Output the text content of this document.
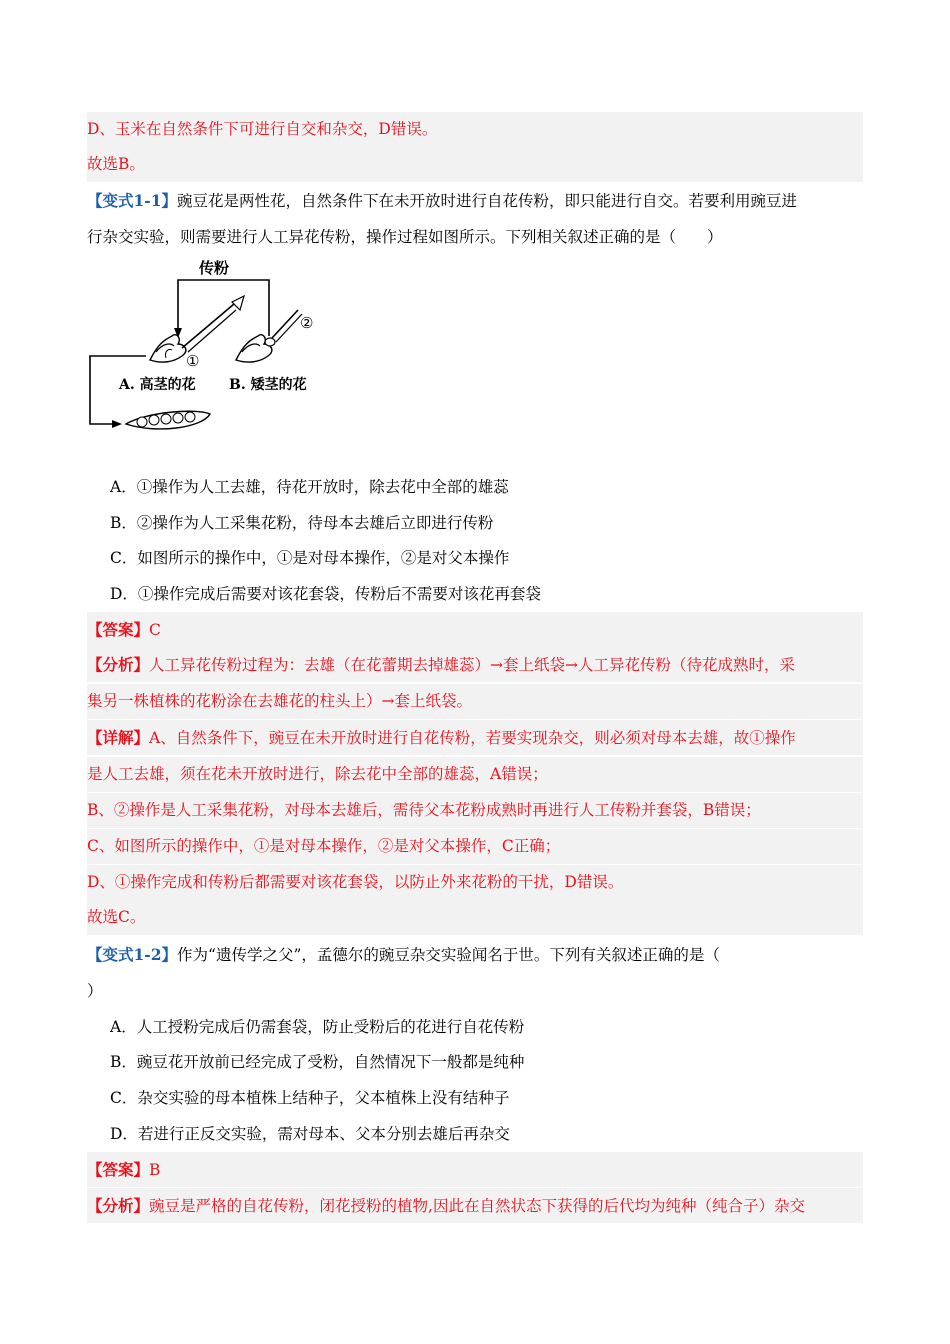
D、玉米在自然条件下可进行自交和杂交，D错误。
故选B。
【变式1-1】豌豆花是两性花，自然条件下在未开放时进行自花传粉，即只能进行自交。若要利用豌豆进
行杂交实验，则需要进行人工异花传粉，操作过程如图所示。下列相关叙述正确的是（　　）
传粉
①
②
A. 高茎的花 B. 矮茎的花
A．①操作为人工去雄，待花开放时，除去花中全部的雄蕊
B．②操作为人工采集花粉，待母本去雄后立即进行传粉
C．如图所示的操作中，①是对母本操作，②是对父本操作
D．①操作完成后需要对该花套袋，传粉后不需要对该花再套袋
【答案】C
【分析】人工异花传粉过程为：去雄（在花蕾期去掉雄蕊）→套上纸袋→人工异花传粉（待花成熟时，采
集另一株植株的花粉涂在去雄花的柱头上）→套上纸袋。
【详解】A、自然条件下，豌豆在未开放时进行自花传粉，若要实现杂交，则必须对母本去雄，故①操作
是人工去雄，须在花未开放时进行，除去花中全部的雄蕊，A错误；
B、②操作是人工采集花粉，对母本去雄后，需待父本花粉成熟时再进行人工传粉并套袋，B错误；
C、如图所示的操作中，①是对母本操作，②是对父本操作，C正确；
D、①操作完成和传粉后都需要对该花套袋，以防止外来花粉的干扰，D错误。
故选C。
【变式1-2】作为“遗传学之父”，孟德尔的豌豆杂交实验闻名于世。下列有关叙述正确的是（
）
A．人工授粉完成后仍需套袋，防止受粉后的花进行自花传粉
B．豌豆花开放前已经完成了受粉，自然情况下一般都是纯种
C．杂交实验的母本植株上结种子，父本植株上没有结种子
D．若进行正反交实验，需对母本、父本分别去雄后再杂交
【答案】B
【分析】豌豆是严格的自花传粉，闭花授粉的植物,因此在自然状态下获得的后代均为纯种（纯合子）杂交
